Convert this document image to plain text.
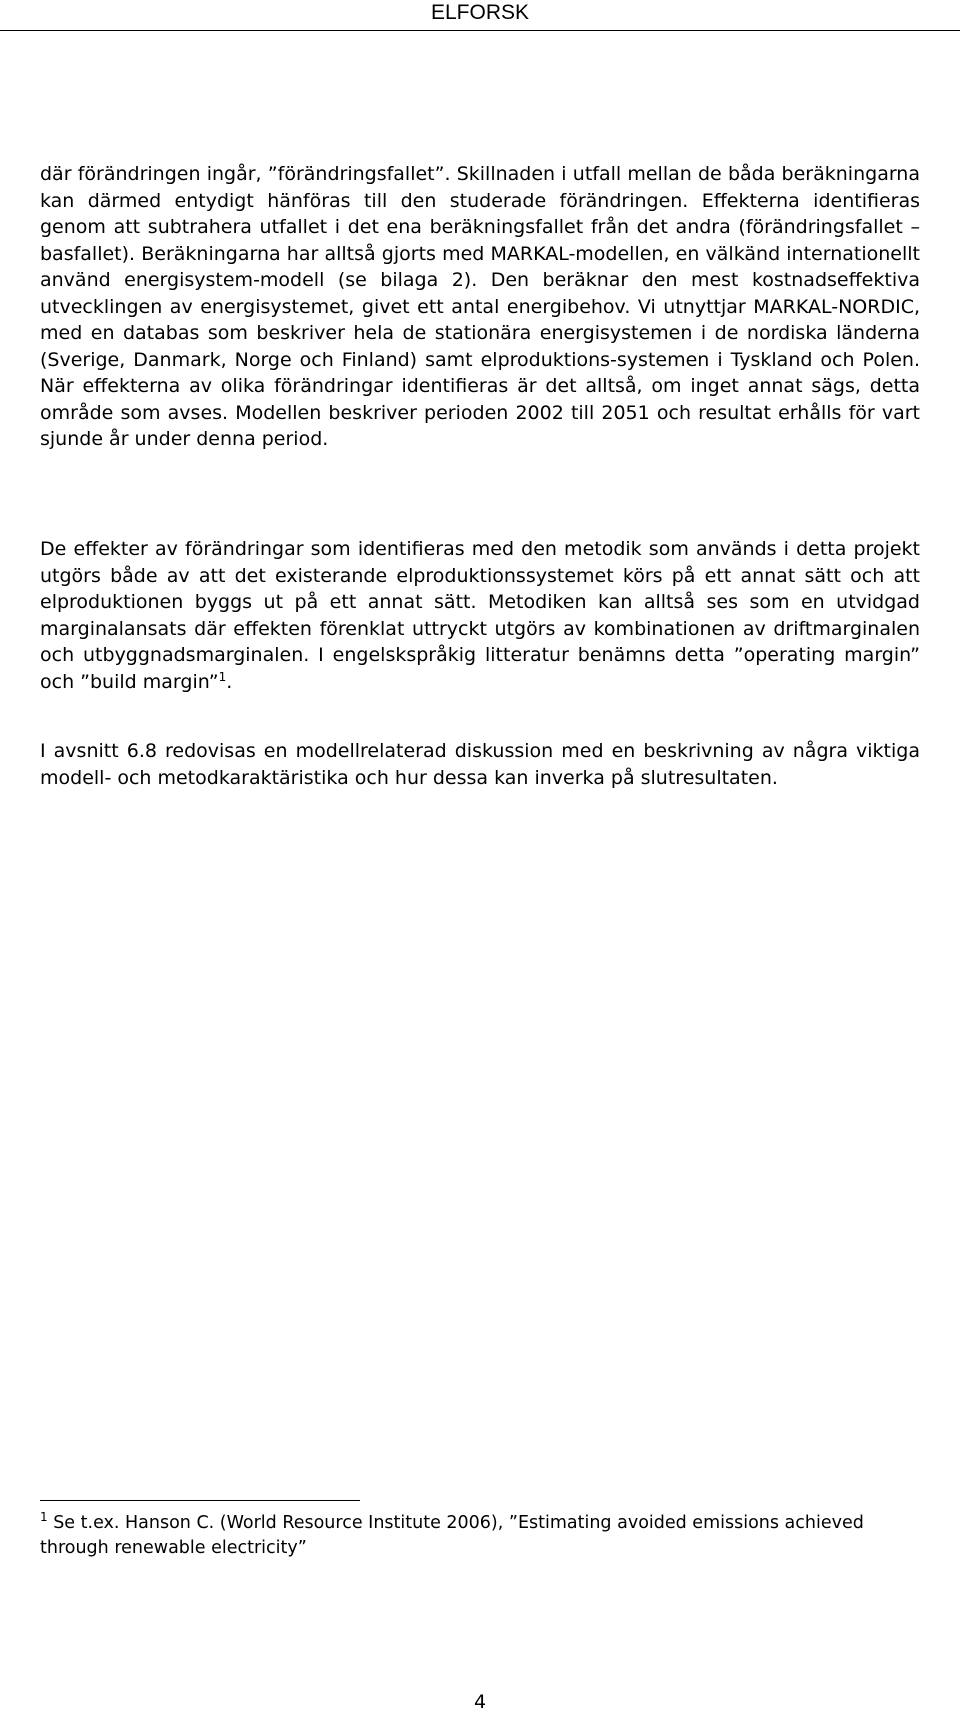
ELFORSK

där förändringen ingår, ”förändringsfallet”. Skillnaden i utfall mellan de båda beräkningarna kan därmed entydigt hänföras till den studerade förändringen. Effekterna identifieras genom att subtrahera utfallet i det ena beräkningsfallet från det andra (förändringsfallet – basfallet). Beräkningarna har alltså gjorts med MARKAL-modellen, en välkänd internationellt använd energisystem-modell (se bilaga 2). Den beräknar den mest kostnadseffektiva utvecklingen av energisystemet, givet ett antal energibehov. Vi utnyttjar MARKAL-NORDIC, med en databas som beskriver hela de stationära energisystemen i de nordiska länderna (Sverige, Danmark, Norge och Finland) samt elproduktions-systemen i Tyskland och Polen. När effekterna av olika förändringar identifieras är det alltså, om inget annat sägs, detta område som avses. Modellen beskriver perioden 2002 till 2051 och resultat erhålls för vart sjunde år under denna period.

De effekter av förändringar som identifieras med den metodik som används i detta projekt utgörs både av att det existerande elproduktionssystemet körs på ett annat sätt och att elproduktionen byggs ut på ett annat sätt. Metodiken kan alltså ses som en utvidgad marginalansats där effekten förenklat uttryckt utgörs av kombinationen av driftmarginalen och utbyggnadsmarginalen. I engelskspråkig litteratur benämns detta ”operating margin” och ”build margin”$^1$.

I avsnitt 6.8 redovisas en modellrelaterad diskussion med en beskrivning av några viktiga modell- och metodkaraktäristika och hur dessa kan inverka på slutresultaten.

$^1$ Se t.ex. Hanson C. (World Resource Institute 2006), ”Estimating avoided emissions achieved through renewable electricity”

4
